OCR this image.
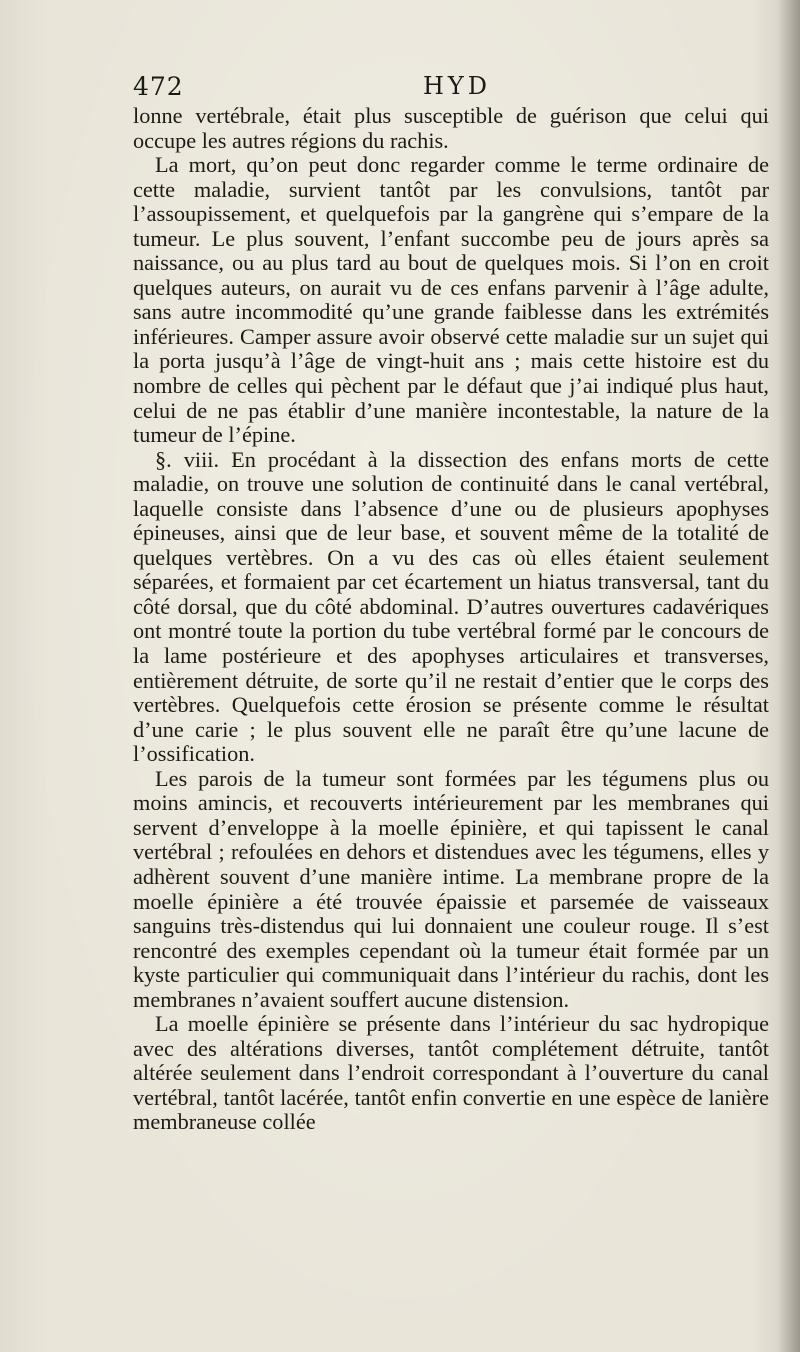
472	HYD

lonne vertébrale, était plus susceptible de guérison que celui qui occupe les autres régions du rachis.

La mort, qu’on peut donc regarder comme le terme ordinaire de cette maladie, survient tantôt par les convulsions, tantôt par l’assoupissement, et quelquefois par la gangrène qui s’empare de la tumeur. Le plus souvent, l’enfant succombe peu de jours après sa naissance, ou au plus tard au bout de quelques mois. Si l’on en croit quelques auteurs, on aurait vu de ces enfans parvenir à l’âge adulte, sans autre incommodité qu’une grande faiblesse dans les extrémités inférieures. Camper assure avoir observé cette maladie sur un sujet qui la porta jusqu’à l’âge de vingt-huit ans ; mais cette histoire est du nombre de celles qui pèchent par le défaut que j’ai indiqué plus haut, celui de ne pas établir d’une manière incontestable, la nature de la tumeur de l’épine.

§. viii. En procédant à la dissection des enfans morts de cette maladie, on trouve une solution de continuité dans le canal vertébral, laquelle consiste dans l’absence d’une ou de plusieurs apophyses épineuses, ainsi que de leur base, et souvent même de la totalité de quelques vertèbres. On a vu des cas où elles étaient seulement séparées, et formaient par cet écartement un hiatus transversal, tant du côté dorsal, que du côté abdominal. D’autres ouvertures cadavériques ont montré toute la portion du tube vertébral formé par le concours de la lame postérieure et des apophyses articulaires et transverses, entièrement détruite, de sorte qu’il ne restait d’entier que le corps des vertèbres. Quelquefois cette érosion se présente comme le résultat d’une carie ; le plus souvent elle ne paraît être qu’une lacune de l’ossification.

Les parois de la tumeur sont formées par les tégumens plus ou moins amincis, et recouverts intérieurement par les membranes qui servent d’enveloppe à la moelle épinière, et qui tapissent le canal vertébral ; refoulées en dehors et distendues avec les tégumens, elles y adhèrent souvent d’une manière intime. La membrane propre de la moelle épinière a été trouvée épaissie et parsemée de vaisseaux sanguins très-distendus qui lui donnaient une couleur rouge. Il s’est rencontré des exemples cependant où la tumeur était formée par un kyste particulier qui communiquait dans l’intérieur du rachis, dont les membranes n’avaient souffert aucune distension.

La moelle épinière se présente dans l’intérieur du sac hydropique avec des altérations diverses, tantôt complétement détruite, tantôt altérée seulement dans l’endroit correspondant à l’ouverture du canal vertébral, tantôt lacérée, tantôt enfin convertie en une espèce de lanière membraneuse collée
